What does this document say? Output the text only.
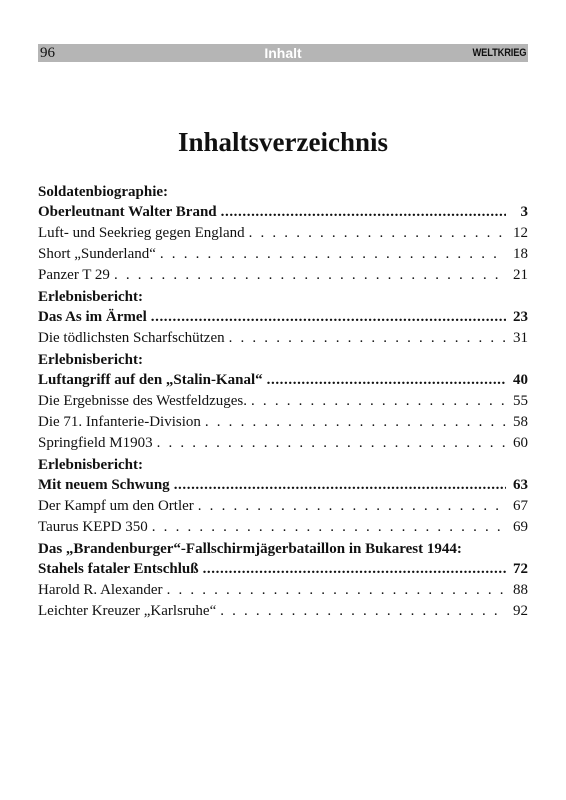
96	Inhalt	WELTKRIEG
Inhaltsverzeichnis
Soldatenbiographie:
Oberleutnant Walter Brand .....	3
Luft- und Seekrieg gegen England . . .	12
Short „Sunderland“ . . .	18
Panzer T 29 . . .	21
Erlebnisbericht:
Das As im Ärmel .....	23
Die tödlichsten Scharfschützen . . .	31
Erlebnisbericht:
Luftangriff auf den „Stalin-Kanal“ .....	40
Die Ergebnisse des Westfeldzuges. . . .	55
Die 71. Infanterie-Division . . .	58
Springfield M1903 . . .	60
Erlebnisbericht:
Mit neuem Schwung .....	63
Der Kampf um den Ortler . . .	67
Taurus KEPD 350 . . .	69
Das „Brandenburger“-Fallschirmjägerbataillon in Bukarest 1944:
Stahels fataler Entschluß .....	72
Harold R. Alexander . . .	88
Leichter Kreuzer „Karlsruhe“ . . .	92
